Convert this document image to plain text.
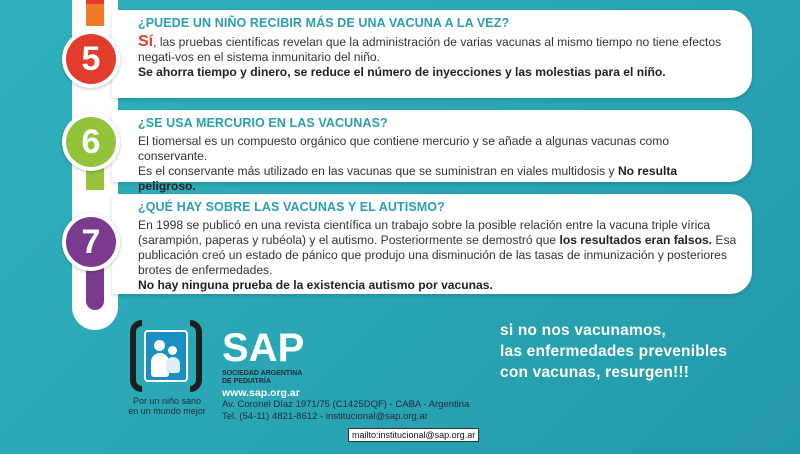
¿PUEDE UN NIÑO RECIBIR MÁS DE UNA VACUNA A LA VEZ?
Sí, las pruebas científicas revelan que la administración de varias vacunas al mismo tiempo no tiene efectos negati-vos en el sistema inmunitario del niño.
Se ahorra tiempo y dinero, se reduce el número de inyecciones y las molestias para el niño.
5
¿SE USA MERCURIO EN LAS VACUNAS?
El tiomersal es un compuesto orgánico que contiene mercurio y se añade a algunas vacunas como conservante.
Es el conservante más utilizado en las vacunas que se suministran en viales multidosis y No resulta peligroso.
6
¿QUÉ HAY SOBRE LAS VACUNAS Y EL AUTISMO?
En 1998 se publicó en una revista científica un trabajo sobre la posible relación entre la vacuna triple vírica (sarampión, paperas y rubéola) y el autismo. Posteriormente se demostró que los resultados eran falsos. Esa publicación creó un estado de pánico que produjo una disminución de las tasas de inmunización y posteriores brotes de enfermedades.
No hay ninguna prueba de la existencia autismo por vacunas.
7
Por un niño sano
en un mundo mejor
SAP
SOCIEDAD ARGENTINA
DE PEDIATRÍA
www.sap.org.ar
Av. Coronel Díaz 1971/75 (C1425DQF) - CABA - Argentina
Tel. (54-11) 4821-8612 - institucional@sap.org.ar
mailto:institucional@sap.org.ar
si no nos vacunamos,
las enfermedades prevenibles
con vacunas, resurgen!!!
